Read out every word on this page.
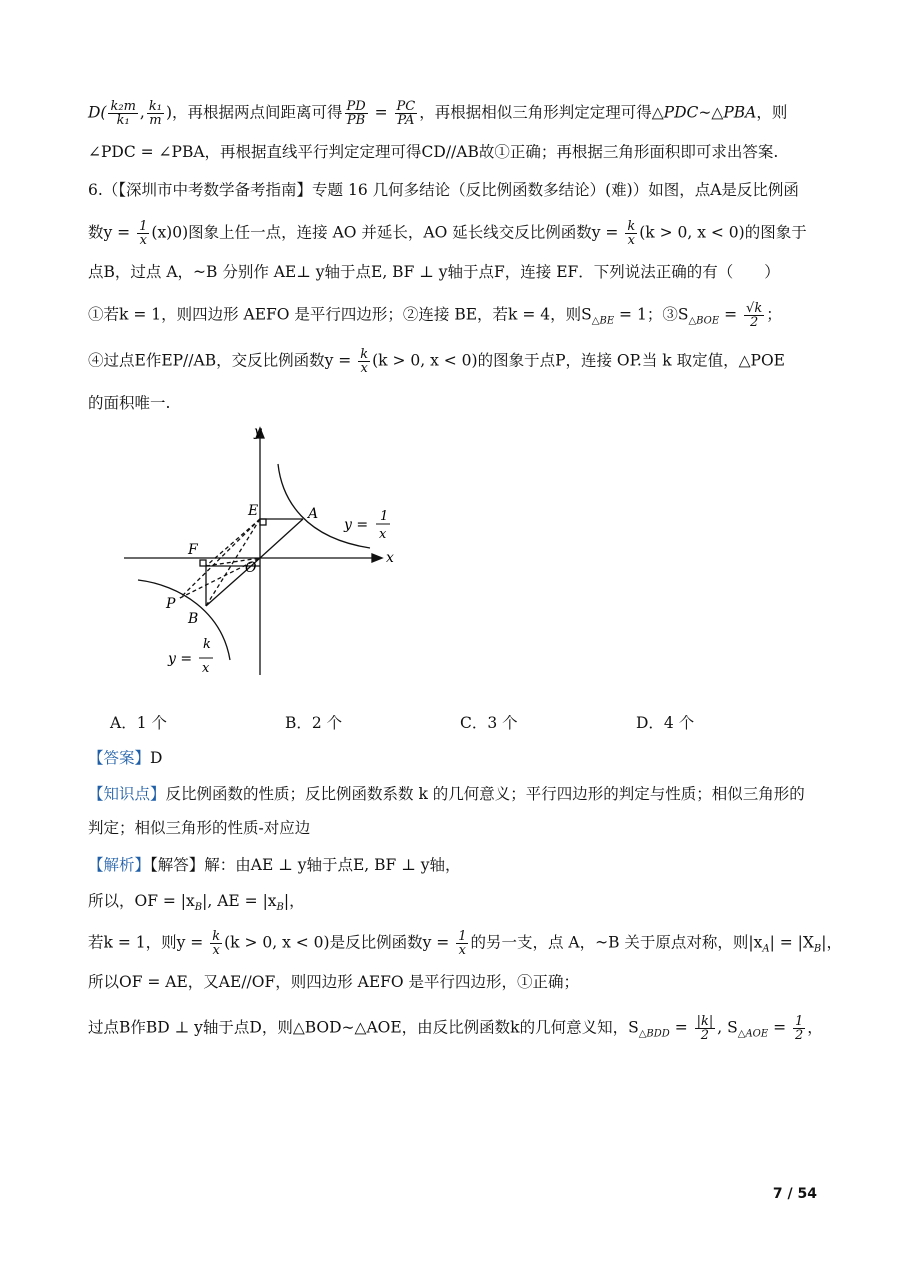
$D( \frac{\text{k₂m}}{\text{k₁}}$ , $\frac{\text{k₁}}{m}$ )，再根据两点间距离可得 $\frac{PD}{PB} = \frac{PC}{PA}$ ，再根据相似三角形判定定理可得△PDC∼△PBA，则
∠PDC = ∠PBA，再根据直线平行判定定理可得CD//AB故①正确；再根据三角形面积即可求出答案.
6.（【深圳市中考数学备考指南】专题 16 几何多结论（反比例函数多结论）(难)）如图，点A是反比例函
数$y = \frac{1}{x} (x)0$)图象上任一点，连接 AO 并延长，AO 延长线交反比例函数$y = \frac{k}{x} (k > 0$, x < 0)的图象于
点B，过点 A，~B 分别作 AE⊥ y轴于点E, BF ⊥ y轴于点F，连接 EF．下列说法正确的有（　　）
①若k = 1，则四边形 AEFO 是平行四边形；②连接 BE，若k = 4，则$S_{\triangle BE} = 1$；$③S_{\triangle BOE} = \frac{√k}{2}$ ；
④过点E作EP//AB，交反比例函数$y = \frac{k}{x} (k > 0$, x < 0)的图象于点P，连接 OP.当 k 取定值，△POE
的面积唯一.
y
x
E	A
F
O
P
B
y =
1
x
y =
k
x
A．1 个	B．2 个	C．3 个	D．4 个
【答案】D
【知识点】反比例函数的性质；反比例函数系数 k 的几何意义；平行四边形的判定与性质；相似三角形的
判定；相似三角形的性质-对应边
【解析】【解答】解：由AE ⊥ y轴于点E, BF ⊥ y轴，
所以，OF = $|x_B|$, AE = $|x_B|$，
若k = 1，则$y = \frac{k}{x} (k > 0$, x < 0)是反比例函数$y = \frac{1}{x}$ 的另一支，点 A，~B 关于原点对称，则$|x_A| = |X_B|$，
所以OF = AE，又AE//OF，则四边形 AEFO 是平行四边形，①正确；
过点B作BD ⊥ y轴于点D，则△BOD∼△AOE，由反比例函数k的几何意义知，$S_{\triangle BDD} = \frac{|k|}{2}$ , $S_{\triangle AOE} = \frac{1}{2}$ ，
7 / 54
